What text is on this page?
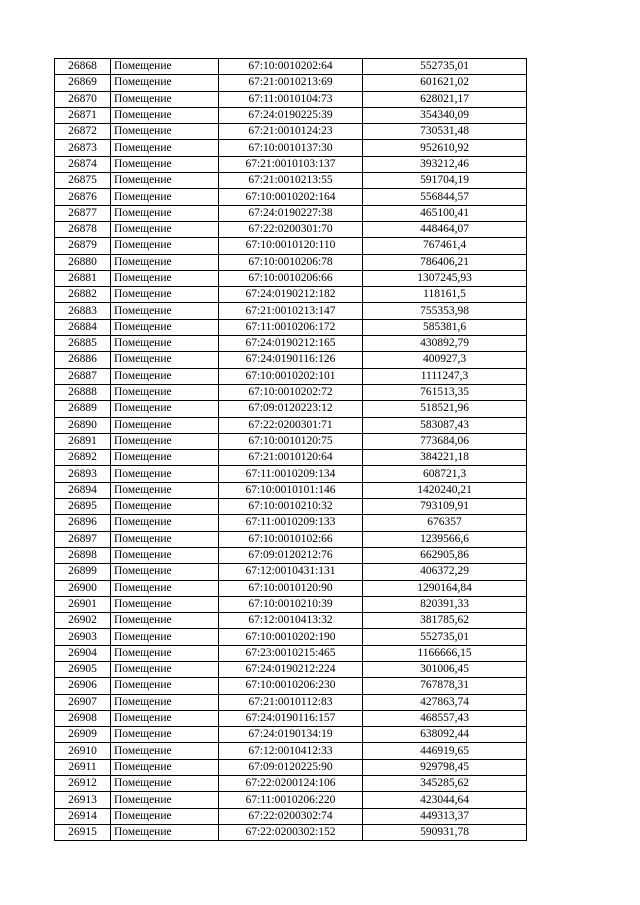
26868	Помещение	67:10:0010202:64	552735,01
26869	Помещение	67:21:0010213:69	601621,02
26870	Помещение	67:11:0010104:73	628021,17
26871	Помещение	67:24:0190225:39	354340,09
26872	Помещение	67:21:0010124:23	730531,48
26873	Помещение	67:10:0010137:30	952610,92
26874	Помещение	67:21:0010103:137	393212,46
26875	Помещение	67:21:0010213:55	591704,19
26876	Помещение	67:10:0010202:164	556844,57
26877	Помещение	67:24:0190227:38	465100,41
26878	Помещение	67:22:0200301:70	448464,07
26879	Помещение	67:10:0010120:110	767461,4
26880	Помещение	67:10:0010206:78	786406,21
26881	Помещение	67:10:0010206:66	1307245,93
26882	Помещение	67:24:0190212:182	118161,5
26883	Помещение	67:21:0010213:147	755353,98
26884	Помещение	67:11:0010206:172	585381,6
26885	Помещение	67:24:0190212:165	430892,79
26886	Помещение	67:24:0190116:126	400927,3
26887	Помещение	67:10:0010202:101	1111247,3
26888	Помещение	67:10:0010202:72	761513,35
26889	Помещение	67:09:0120223:12	518521,96
26890	Помещение	67:22:0200301:71	583087,43
26891	Помещение	67:10:0010120:75	773684,06
26892	Помещение	67:21:0010120:64	384221,18
26893	Помещение	67:11:0010209:134	608721,3
26894	Помещение	67:10:0010101:146	1420240,21
26895	Помещение	67:10:0010210:32	793109,91
26896	Помещение	67:11:0010209:133	676357
26897	Помещение	67:10:0010102:66	1239566,6
26898	Помещение	67:09:0120212:76	662905,86
26899	Помещение	67:12:0010431:131	406372,29
26900	Помещение	67:10:0010120:90	1290164,84
26901	Помещение	67:10:0010210:39	820391,33
26902	Помещение	67:12:0010413:32	381785,62
26903	Помещение	67:10:0010202:190	552735,01
26904	Помещение	67:23:0010215:465	1166666,15
26905	Помещение	67:24:0190212:224	301006,45
26906	Помещение	67:10:0010206:230	767878,31
26907	Помещение	67:21:0010112:83	427863,74
26908	Помещение	67:24:0190116:157	468557,43
26909	Помещение	67:24:0190134:19	638092,44
26910	Помещение	67:12:0010412:33	446919,65
26911	Помещение	67:09:0120225:90	929798,45
26912	Помещение	67:22:0200124:106	345285,62
26913	Помещение	67:11:0010206:220	423044,64
26914	Помещение	67:22:0200302:74	449313,37
26915	Помещение	67:22:0200302:152	590931,78
